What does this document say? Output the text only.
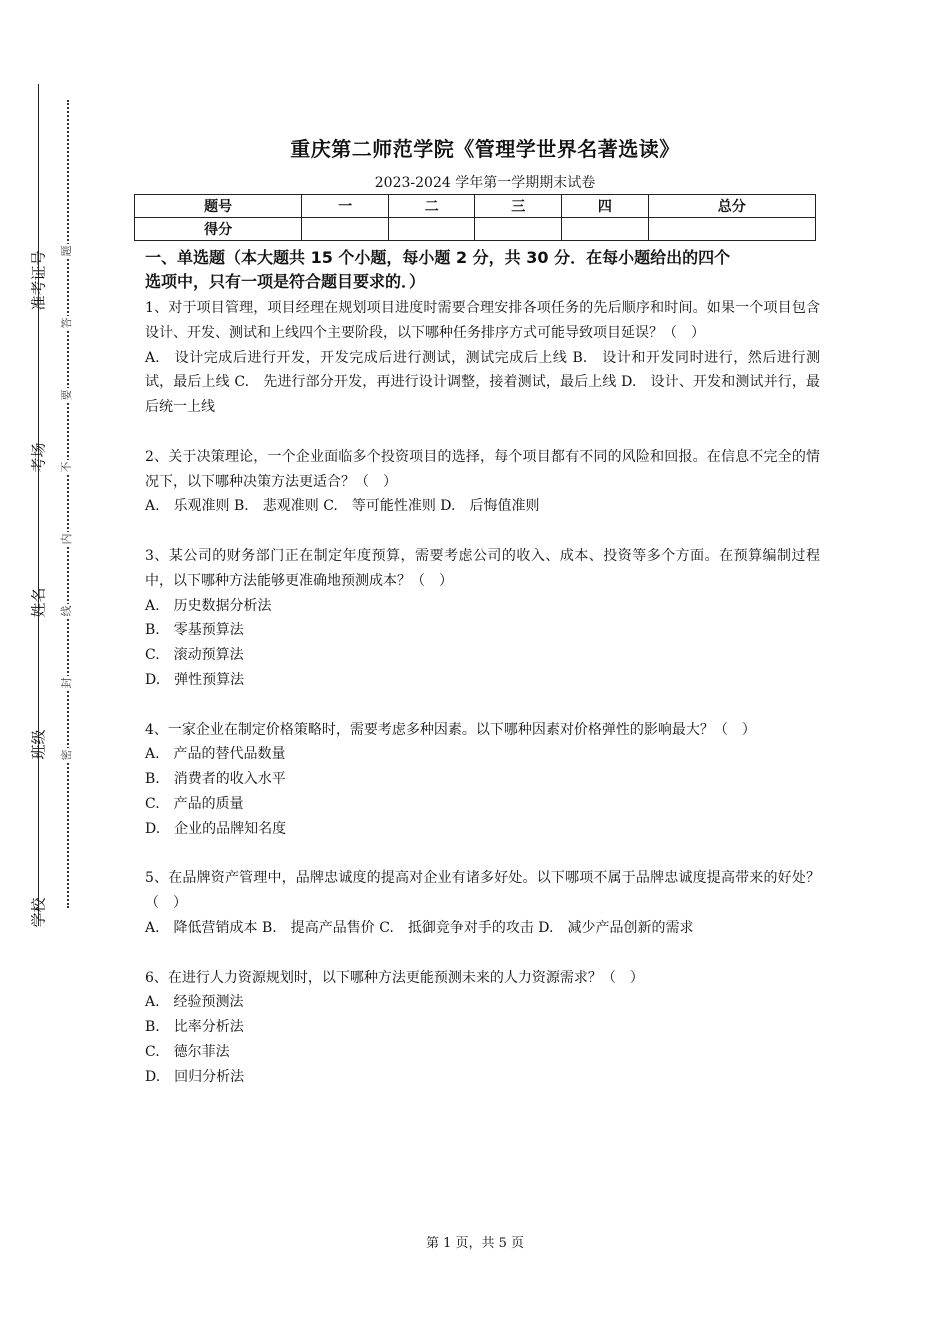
准考证号
考场
姓名
班级
学校
题
答
要
不
内
线
封
密
重庆第二师范学院《管理学世界名著选读》
2023-2024 学年第一学期期末试卷
题号	一	二	三	四	总分
得分					
一、单选题（本大题共 15 个小题，每小题 2 分，共 30 分．在每小题给出的四个
选项中，只有一项是符合题目要求的．）

1、对于项目管理，项目经理在规划项目进度时需要合理安排各项任务的先后顺序和时间。如果一个项目包含设计、开发、测试和上线四个主要阶段，以下哪种任务排序方式可能导致项目延误？（　）

A.　设计完成后进行开发，开发完成后进行测试，测试完成后上线 B.　设计和开发同时进行，然后进行测试，最后上线 C.　先进行部分开发，再进行设计调整，接着测试，最后上线 D.　设计、开发和测试并行，最后统一上线

2、关于决策理论，一个企业面临多个投资项目的选择，每个项目都有不同的风险和回报。在信息不完全的情况下，以下哪种决策方法更适合？（　）

A.　乐观准则 B.　悲观准则 C.　等可能性准则 D.　后悔值准则

3、某公司的财务部门正在制定年度预算，需要考虑公司的收入、成本、投资等多个方面。在预算编制过程中，以下哪种方法能够更准确地预测成本？（　）

A.　历史数据分析法

B.　零基预算法

C.　滚动预算法

D.　弹性预算法

4、一家企业在制定价格策略时，需要考虑多种因素。以下哪种因素对价格弹性的影响最大？（　）

A.　产品的替代品数量

B.　消费者的收入水平

C.　产品的质量

D.　企业的品牌知名度

5、在品牌资产管理中，品牌忠诚度的提高对企业有诸多好处。以下哪项不属于品牌忠诚度提高带来的好处？（　）

A.　降低营销成本 B.　提高产品售价 C.　抵御竞争对手的攻击 D.　减少产品创新的需求

6、在进行人力资源规划时，以下哪种方法更能预测未来的人力资源需求？（　）

A.　经验预测法

B.　比率分析法

C.　德尔菲法

D.　回归分析法

第 1 页，共 5 页
